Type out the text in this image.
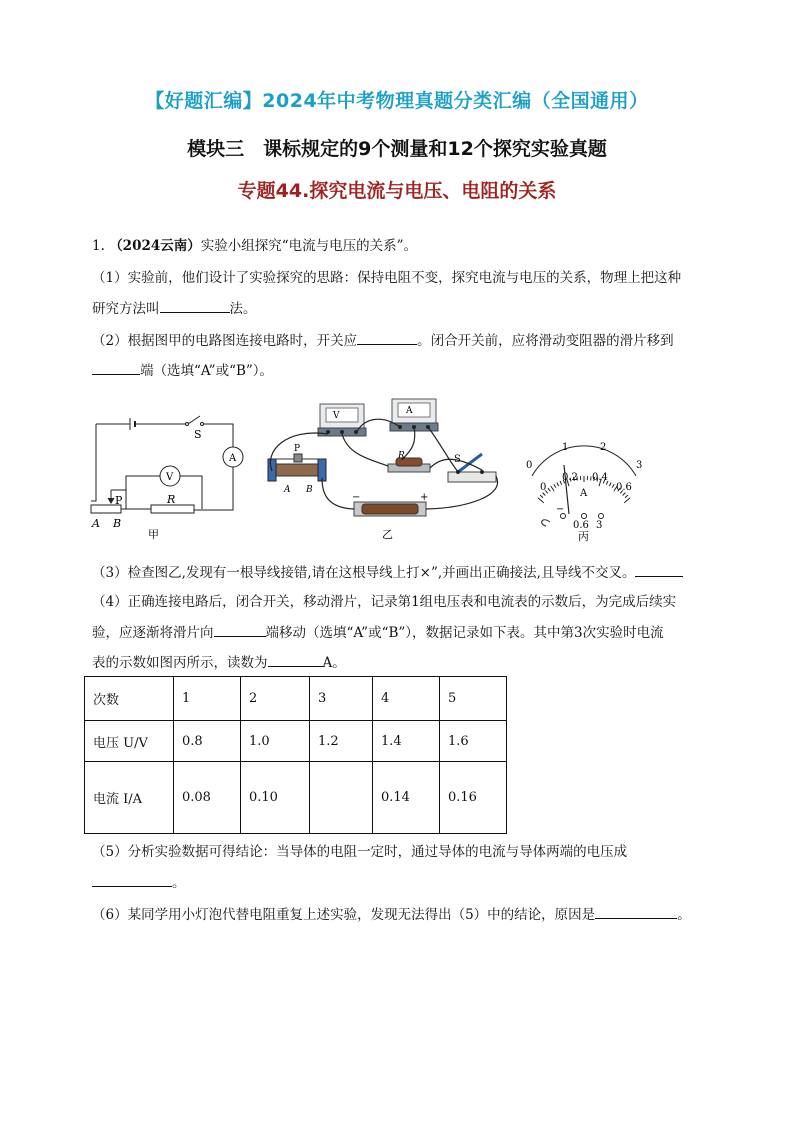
【好题汇编】2024年中考物理真题分类汇编（全国通用）
模块三　课标规定的9个测量和12个探究实验真题
专题44.探究电流与电压、电阻的关系
1. （2024云南）实验小组探究“电流与电压的关系”。
（1）实验前，他们设计了实验探究的思路：保持电阻不变，探究电流与电压的关系，物理上把这种
研究方法叫	法。
（2）根据图甲的电路图连接电路时，开关应	。闭合开关前，应将滑动变阻器的滑片移到
端（选填“A”或“B”）。
S
A
V
R
P
A B
甲
V	A
R	S
P
A B
−	+
乙
0
1	2
3
0
0.2 0.4
0.6
A
−
0.6 3
丙
（3）检查图乙,发现有一根导线接错,请在这根导线上打×”,并画出正确接法,且导线不交叉。
（4）正确连接电路后，闭合开关，移动滑片，记录第1组电压表和电流表的示数后，为完成后续实
验，应逐渐将滑片向	端移动（选填“A”或“B”），数据记录如下表。其中第3次实验时电流
表的示数如图丙所示，读数为	A。
次数	1	2	3	4	5
电压 U/V	0.8	1.0	1.2	1.4	1.6
电流 I/A	0.08	0.10		0.14	0.16
（5）分析实验数据可得结论：当导体的电阻一定时，通过导体的电流与导体两端的电压成
。
（6）某同学用小灯泡代替电阻重复上述实验，发现无法得出（5）中的结论，原因是	。
